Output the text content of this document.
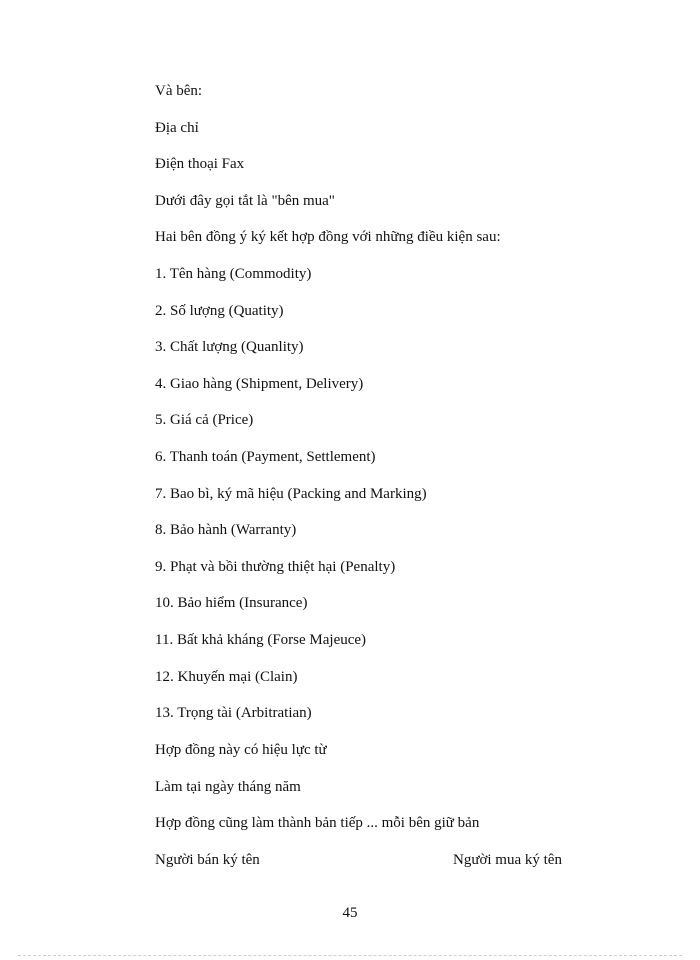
Và bên:
Địa chỉ
Điện thoại Fax
Dưới đây gọi tắt là "bên mua"
Hai bên đồng ý ký kết hợp đồng với những điều kiện sau:
1. Tên hàng (Commodity)
2. Số lượng (Quatity)
3. Chất lượng (Quanlity)
4. Giao hàng (Shipment, Delivery)
5. Giá cả (Price)
6. Thanh toán (Payment, Settlement)
7. Bao bì, ký mã hiệu (Packing and Marking)
8. Bảo hành (Warranty)
9. Phạt và bồi thường thiệt hại (Penalty)
10. Bảo hiểm (Insurance)
11. Bất khả kháng (Forse Majeuce)
12. Khuyến mại (Clain)
13. Trọng tài (Arbitratian)
Hợp đồng này có hiệu lực từ
Làm tại ngày tháng năm
Hợp đồng cũng làm thành bản tiếp ... mỗi bên giữ bản
Người bán ký tên	Người mua ký tên
45
